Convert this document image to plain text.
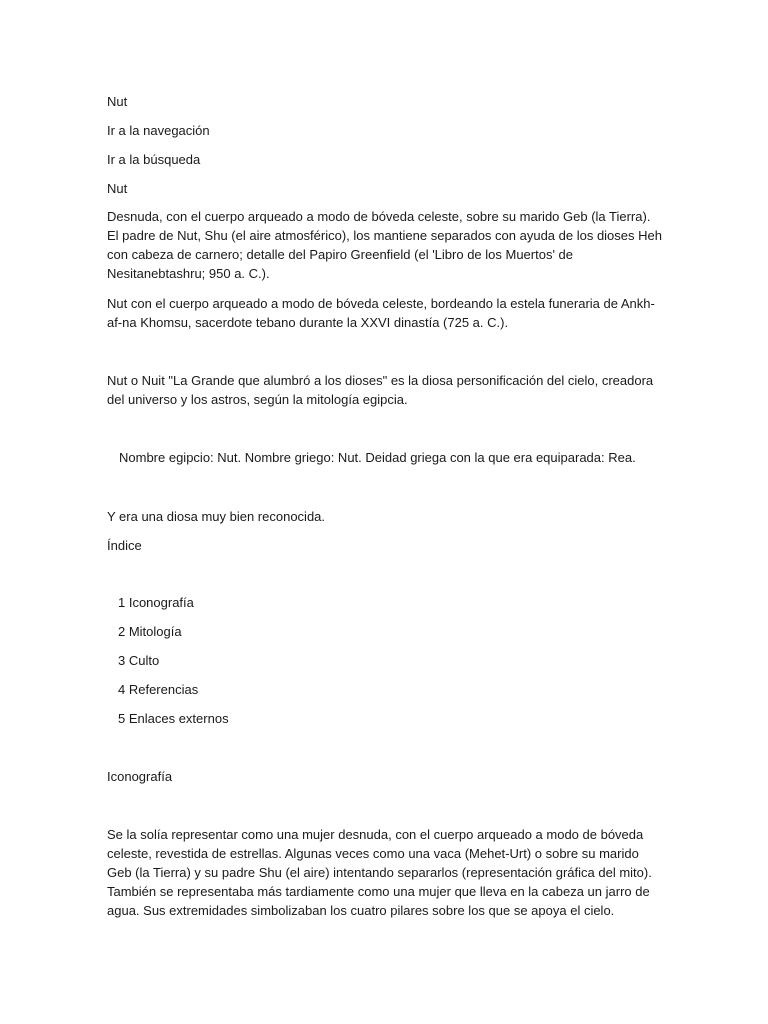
Nut
Ir a la navegación
Ir a la búsqueda
Nut
Desnuda, con el cuerpo arqueado a modo de bóveda celeste, sobre su marido Geb (la Tierra). El padre de Nut, Shu (el aire atmosférico), los mantiene separados con ayuda de los dioses Heh con cabeza de carnero; detalle del Papiro Greenfield (el 'Libro de los Muertos' de Nesitanebtashru; 950 a. C.).
Nut con el cuerpo arqueado a modo de bóveda celeste, bordeando la estela funeraria de Ankh-af-na Khomsu, sacerdote tebano durante la XXVI dinastía (725 a. C.).
Nut o Nuit "La Grande que alumbró a los dioses" es la diosa personificación del cielo, creadora del universo y los astros, según la mitología egipcia.
Nombre egipcio: Nut. Nombre griego: Nut. Deidad griega con la que era equiparada: Rea.
Y era una diosa muy bien reconocida.
Índice
1 Iconografía
2 Mitología
3 Culto
4 Referencias
5 Enlaces externos
Iconografía
Se la solía representar como una mujer desnuda, con el cuerpo arqueado a modo de bóveda celeste, revestida de estrellas. Algunas veces como una vaca (Mehet-Urt) o sobre su marido Geb (la Tierra) y su padre Shu (el aire) intentando separarlos (representación gráfica del mito). También se representaba más tardiamente como una mujer que lleva en la cabeza un jarro de agua. Sus extremidades simbolizaban los cuatro pilares sobre los que se apoya el cielo.
